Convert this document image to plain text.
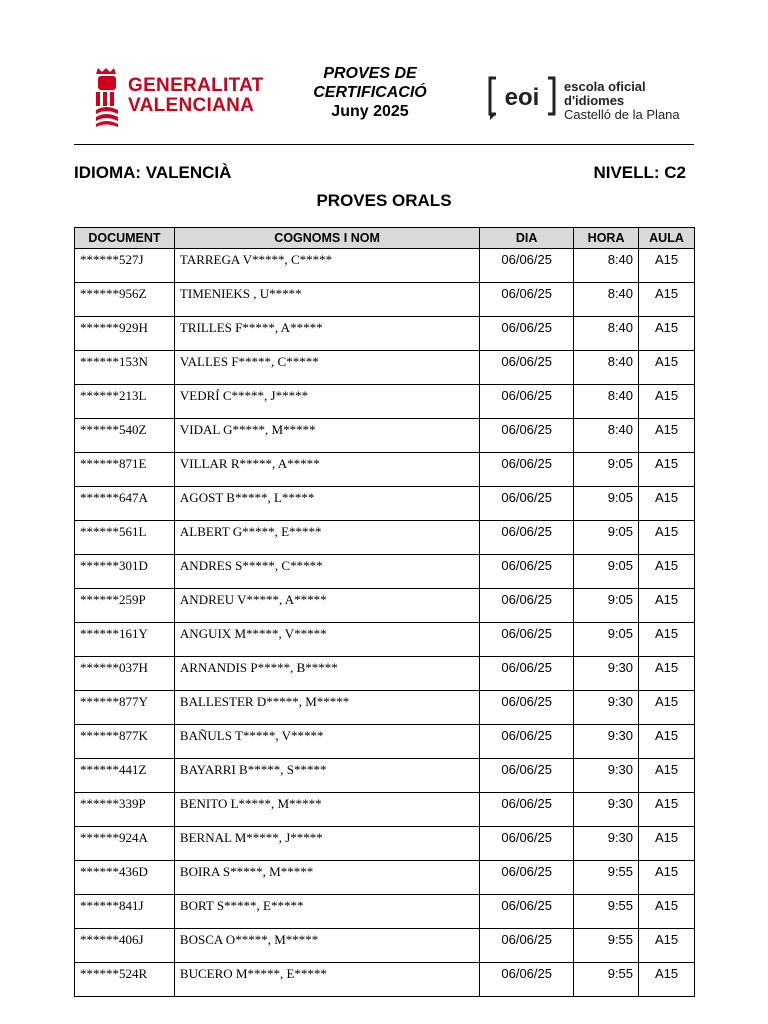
GENERALITAT
VALENCIANA
PROVES DE
CERTIFICACIÓ
Juny 2025
eoi escola oficial
d'idiomes
Castelló de la Plana
IDIOMA: VALENCIÀ	NIVELL: C2
PROVES ORALS
DOCUMENT	COGNOMS I NOM	DIA	HORA	AULA
******527J	TARREGA V*****, C*****	06/06/25	8:40	A15
******956Z	TIMENIEKS , U*****	06/06/25	8:40	A15
******929H	TRILLES F*****, A*****	06/06/25	8:40	A15
******153N	VALLES F*****, C*****	06/06/25	8:40	A15
******213L	VEDRÍ C*****, J*****	06/06/25	8:40	A15
******540Z	VIDAL G*****, M*****	06/06/25	8:40	A15
******871E	VILLAR R*****, A*****	06/06/25	9:05	A15
******647A	AGOST B*****, L*****	06/06/25	9:05	A15
******561L	ALBERT G*****, E*****	06/06/25	9:05	A15
******301D	ANDRES S*****, C*****	06/06/25	9:05	A15
******259P	ANDREU V*****, A*****	06/06/25	9:05	A15
******161Y	ANGUIX M*****, V*****	06/06/25	9:05	A15
******037H	ARNANDIS P*****, B*****	06/06/25	9:30	A15
******877Y	BALLESTER D*****, M*****	06/06/25	9:30	A15
******877K	BAÑULS T*****, V*****	06/06/25	9:30	A15
******441Z	BAYARRI B*****, S*****	06/06/25	9:30	A15
******339P	BENITO L*****, M*****	06/06/25	9:30	A15
******924A	BERNAL M*****, J*****	06/06/25	9:30	A15
******436D	BOIRA S*****, M*****	06/06/25	9:55	A15
******841J	BORT S*****, E*****	06/06/25	9:55	A15
******406J	BOSCA O*****, M*****	06/06/25	9:55	A15
******524R	BUCERO M*****, E*****	06/06/25	9:55	A15
